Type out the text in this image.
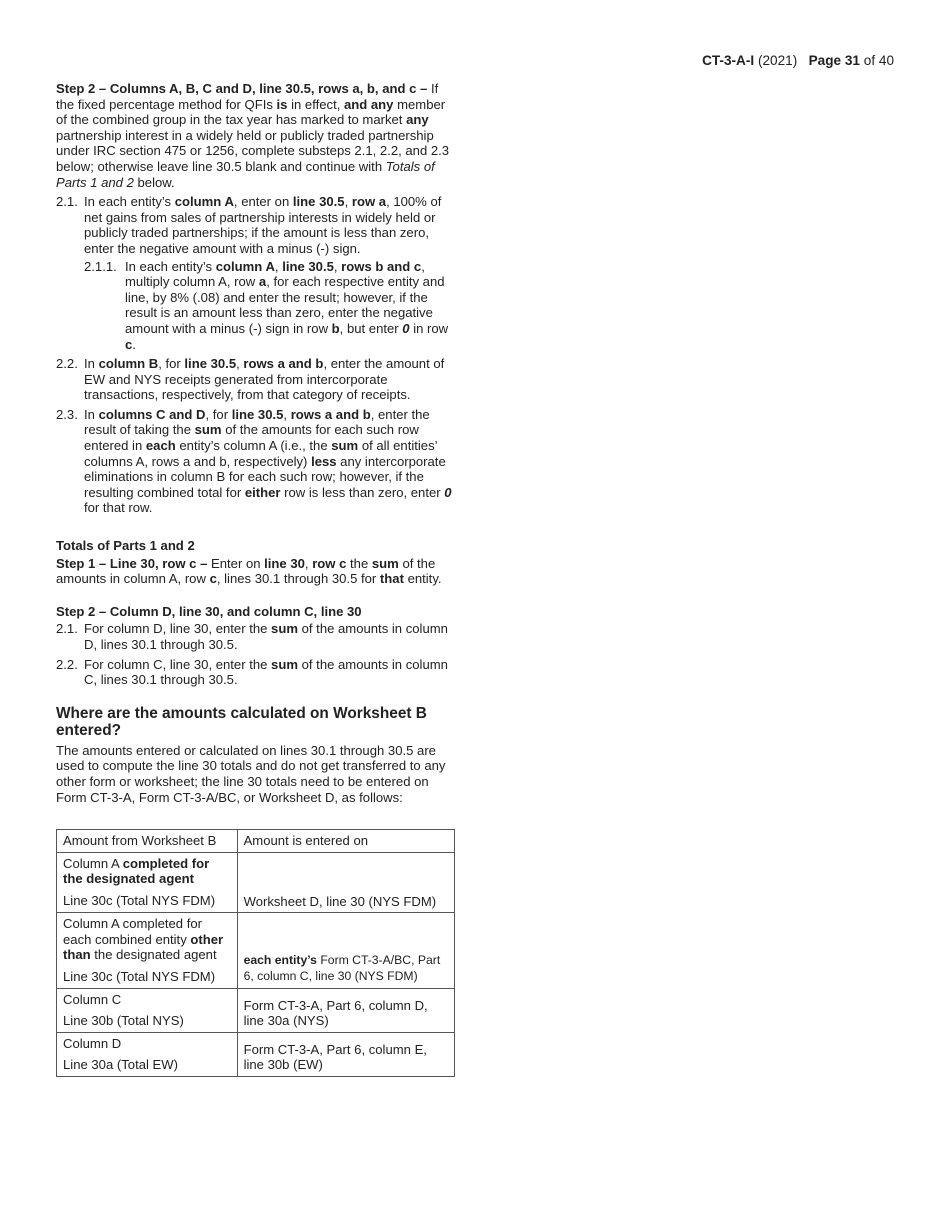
CT-3-A-I (2021) Page 31 of 40

Step 2 – Columns A, B, C and D, line 30.5, rows a, b, and c – If the fixed percentage method for QFIs is in effect, and any member of the combined group in the tax year has marked to market any partnership interest in a widely held or publicly traded partnership under IRC section 475 or 1256, complete substeps 2.1, 2.2, and 2.3 below; otherwise leave line 30.5 blank and continue with Totals of Parts 1 and 2 below.

2.1. In each entity’s column A, enter on line 30.5, row a, 100% of net gains from sales of partnership interests in widely held or publicly traded partnerships; if the amount is less than zero, enter the negative amount with a minus (-) sign.
2.1.1. In each entity’s column A, line 30.5, rows b and c, multiply column A, row a, for each respective entity and line, by 8% (.08) and enter the result; however, if the result is an amount less than zero, enter the negative amount with a minus (-) sign in row b, but enter 0 in row c.
2.2. In column B, for line 30.5, rows a and b, enter the amount of EW and NYS receipts generated from intercorporate transactions, respectively, from that category of receipts.
2.3. In columns C and D, for line 30.5, rows a and b, enter the result of taking the sum of the amounts for each such row entered in each entity’s column A (i.e., the sum of all entities’ columns A, rows a and b, respectively) less any intercorporate eliminations in column B for each such row; however, if the resulting combined total for either row is less than zero, enter 0 for that row.

Totals of Parts 1 and 2

Step 1 – Line 30, row c – Enter on line 30, row c the sum of the amounts in column A, row c, lines 30.1 through 30.5 for that entity.

Step 2 – Column D, line 30, and column C, line 30

2.1. For column D, line 30, enter the sum of the amounts in column D, lines 30.1 through 30.5.
2.2. For column C, line 30, enter the sum of the amounts in column C, lines 30.1 through 30.5.

Where are the amounts calculated on Worksheet B entered?

The amounts entered or calculated on lines 30.1 through 30.5 are used to compute the line 30 totals and do not get transferred to any other form or worksheet; the line 30 totals need to be entered on Form CT-3-A, Form CT-3-A/BC, or Worksheet D, as follows:

Amount from Worksheet B	Amount is entered on

Column A completed for the designated agent
Line 30c (Total NYS FDM)	Worksheet D, line 30 (NYS FDM)

Column A completed for each combined entity other than the designated agent
Line 30c (Total NYS FDM)	each entity’s Form CT-3-A/BC, Part 6, column C, line 30 (NYS FDM)

Column C
Line 30b (Total NYS)	Form CT-3-A, Part 6, column D, line 30a (NYS)

Column D
Line 30a (Total EW)	Form CT-3-A, Part 6, column E, line 30b (EW)
